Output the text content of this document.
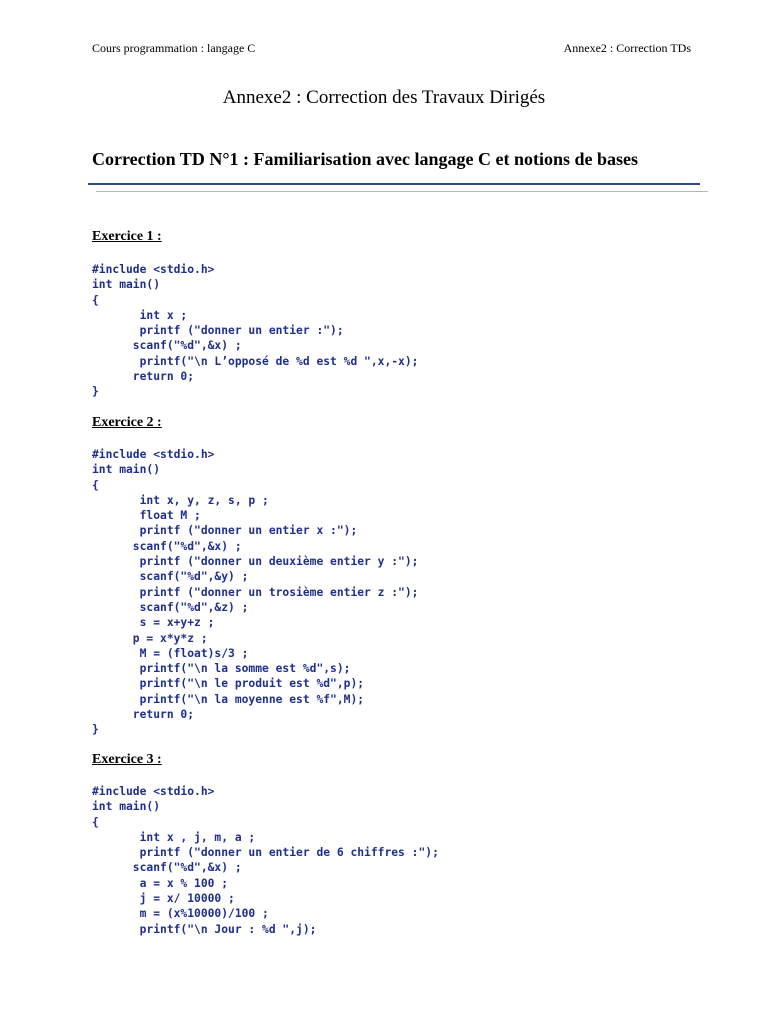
Cours programmation : langage C	Annexe2 : Correction TDs
Annexe2 : Correction des Travaux Dirigés
Correction TD N°1 : Familiarisation avec langage C et notions de bases
Exercice 1 :
#include <stdio.h>
int main()
{
int x ;
printf ("donner un entier :");
scanf("%d",&x) ;
printf("\n L’opposé de %d est %d ",x,-x);
return 0;
}
Exercice 2 :
#include <stdio.h>
int main()
{
int x, y, z, s, p ;
float M ;
printf ("donner un entier x :");
scanf("%d",&x) ;
printf ("donner un deuxième entier y :");
scanf("%d",&y) ;
printf ("donner un trosième entier z :");
scanf("%d",&z) ;
s = x+y+z ;
p = x*y*z ;
M = (float)s/3 ;
printf("\n la somme est %d",s);
printf("\n le produit est %d",p);
printf("\n la moyenne est %f",M);
return 0;
}
Exercice 3 :
#include <stdio.h>
int main()
{
int x , j, m, a ;
printf ("donner un entier de 6 chiffres :");
scanf("%d",&x) ;
a = x % 100 ;
j = x/ 10000 ;
m = (x%10000)/100 ;
printf("\n Jour : %d ",j);
